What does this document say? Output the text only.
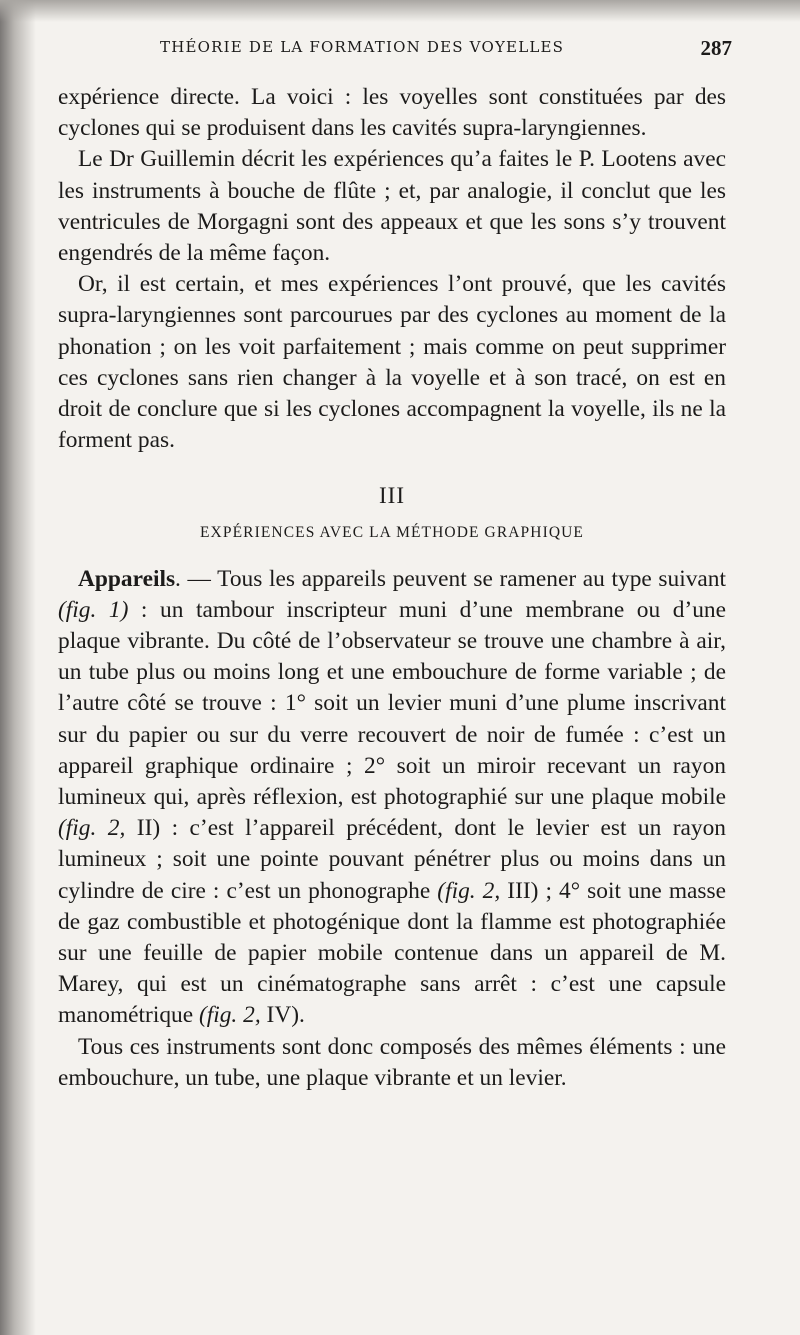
THÉORIE DE LA FORMATION DES VOYELLES	287

expérience directe. La voici : les voyelles sont constituées par des cyclones qui se produisent dans les cavités supra-laryngiennes.

Le Dr Guillemin décrit les expériences qu’a faites le P. Lootens avec les instruments à bouche de flûte ; et, par analogie, il conclut que les ventricules de Morgagni sont des appeaux et que les sons s’y trouvent engendrés de la même façon.

Or, il est certain, et mes expériences l’ont prouvé, que les cavités supra-laryngiennes sont parcourues par des cyclones au moment de la phonation ; on les voit parfaitement ; mais comme on peut supprimer ces cyclones sans rien changer à la voyelle et à son tracé, on est en droit de conclure que si les cyclones accompagnent la voyelle, ils ne la forment pas.

III

EXPÉRIENCES AVEC LA MÉTHODE GRAPHIQUE

Appareils. — Tous les appareils peuvent se ramener au type suivant (fig. 1) : un tambour inscripteur muni d’une membrane ou d’une plaque vibrante. Du côté de l’observateur se trouve une chambre à air, un tube plus ou moins long et une embouchure de forme variable ; de l’autre côté se trouve : 1° soit un levier muni d’une plume inscrivant sur du papier ou sur du verre recouvert de noir de fumée : c’est un appareil graphique ordinaire ; 2° soit un miroir recevant un rayon lumineux qui, après réflexion, est photographié sur une plaque mobile (fig. 2, II) : c’est l’appareil précédent, dont le levier est un rayon lumineux ; soit une pointe pouvant pénétrer plus ou moins dans un cylindre de cire : c’est un phonographe (fig. 2, III) ; 4° soit une masse de gaz combustible et photogénique dont la flamme est photographiée sur une feuille de papier mobile contenue dans un appareil de M. Marey, qui est un cinématographe sans arrêt : c’est une capsule manométrique (fig. 2, IV).

Tous ces instruments sont donc composés des mêmes éléments : une embouchure, un tube, une plaque vibrante et un levier.
